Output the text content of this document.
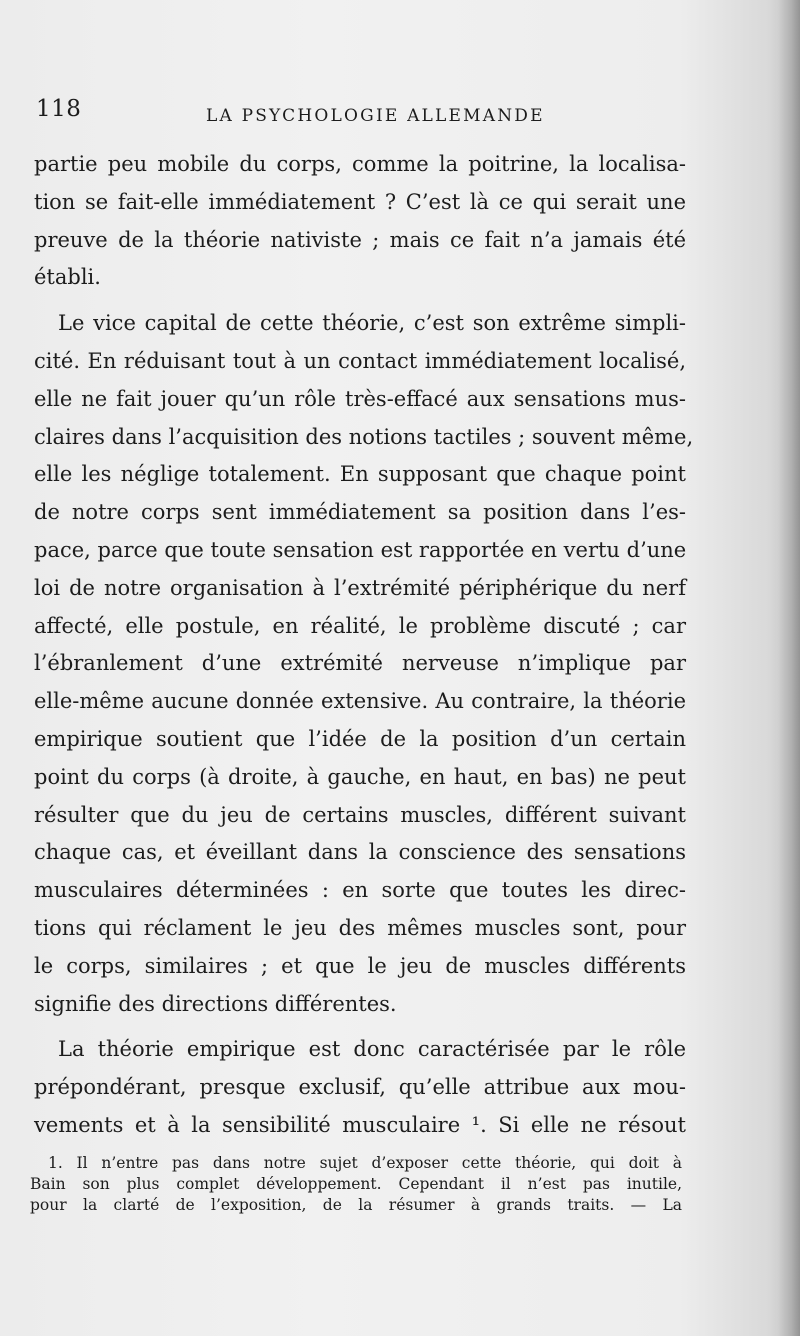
118	LA PSYCHOLOGIE ALLEMANDE
partie peu mobile du corps, comme la poitrine, la localisa-
tion se fait-elle immédiatement ? C’est là ce qui serait une
preuve de la théorie nativiste ; mais ce fait n’a jamais été
établi.
Le vice capital de cette théorie, c’est son extrême simpli-
cité. En réduisant tout à un contact immédiatement localisé,
elle ne fait jouer qu’un rôle très-effacé aux sensations mus-
claires dans l’acquisition des notions tactiles ; souvent même,
elle les néglige totalement. En supposant que chaque point
de notre corps sent immédiatement sa position dans l’es-
pace, parce que toute sensation est rapportée en vertu d’une
loi de notre organisation à l’extrémité périphérique du nerf
affecté, elle postule, en réalité, le problème discuté ; car
l’ébranlement d’une extrémité nerveuse n’implique par
elle-même aucune donnée extensive. Au contraire, la théorie
empirique soutient que l’idée de la position d’un certain
point du corps (à droite, à gauche, en haut, en bas) ne peut
résulter que du jeu de certains muscles, différent suivant
chaque cas, et éveillant dans la conscience des sensations
musculaires déterminées : en sorte que toutes les direc-
tions qui réclament le jeu des mêmes muscles sont, pour
le corps, similaires ; et que le jeu de muscles différents
signifie des directions différentes.
La théorie empirique est donc caractérisée par le rôle
prépondérant, presque exclusif, qu’elle attribue aux mou-
vements et à la sensibilité musculaire ¹. Si elle ne résout
1. Il n’entre pas dans notre sujet d’exposer cette théorie, qui doit à
Bain son plus complet développement. Cependant il n’est pas inutile,
pour la clarté de l’exposition, de la résumer à grands traits. — La
